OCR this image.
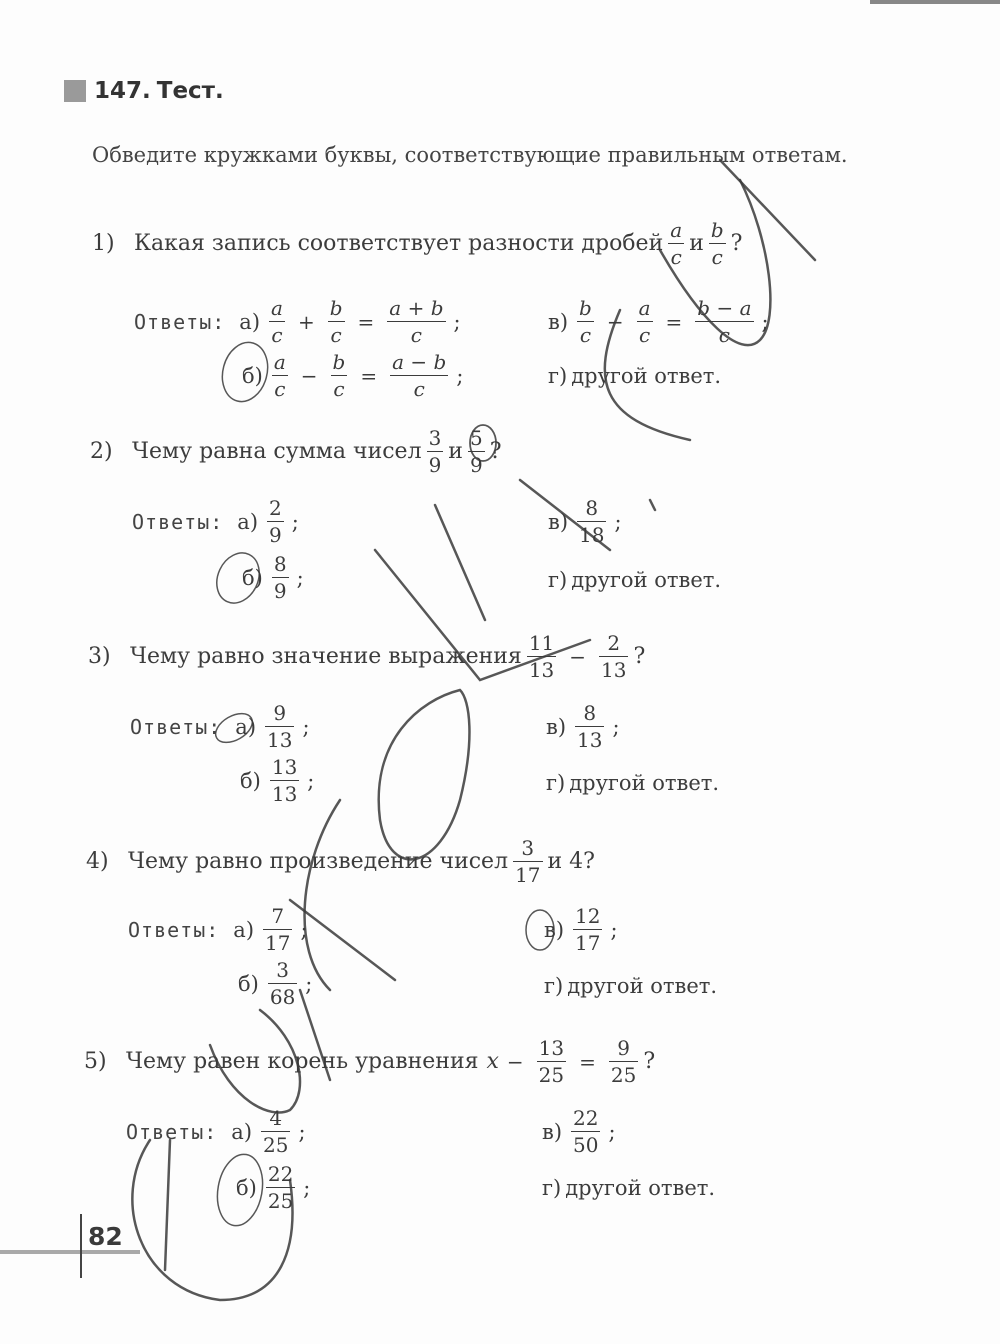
147. Тест.
Обведите кружками буквы, соответствующие правильным ответам.
1) Какая запись соответствует разности дробей $\frac{a}{c}$ и $\frac{b}{c}$ ?
Ответы: $а) \frac{a}{c} + \frac{b}{c} = \frac{a + b}{c}$ ;
$б) \frac{a}{c} - \frac{b}{c} = \frac{a - b}{c}$ ;
$в) \frac{b}{c} - \frac{a}{c} = \frac{b - a}{c}$ ;
г) другой ответ.
2) Чему равна сумма чисел $\frac{3}{9}$ и $\frac{5}{9}$ ?
Ответы: $а) \frac{2}{9}$ ;
$б) \frac{8}{9}$ ;
$в) \frac{8}{18}$ ;
г) другой ответ.
3) Чему равно значение выражения $\frac{11}{13} - \frac{2}{13}$ ?
Ответы: $а) \frac{9}{13}$ ;
$б) \frac{13}{13}$ ;
$в) \frac{8}{13}$ ;
г) другой ответ.
4) Чему равно произведение чисел $\frac{3}{17}$ и 4?
Ответы: $а) \frac{7}{17}$ ;
$б) \frac{3}{68}$ ;
$в) \frac{12}{17}$ ;
г) другой ответ.
5) Чему равен корень уравнения $x - \frac{13}{25} = \frac{9}{25}$ ?
Ответы: $а) \frac{4}{25}$ ;
$б) \frac{22}{25}$ ;
$в) \frac{22}{50}$ ;
г) другой ответ.
82
